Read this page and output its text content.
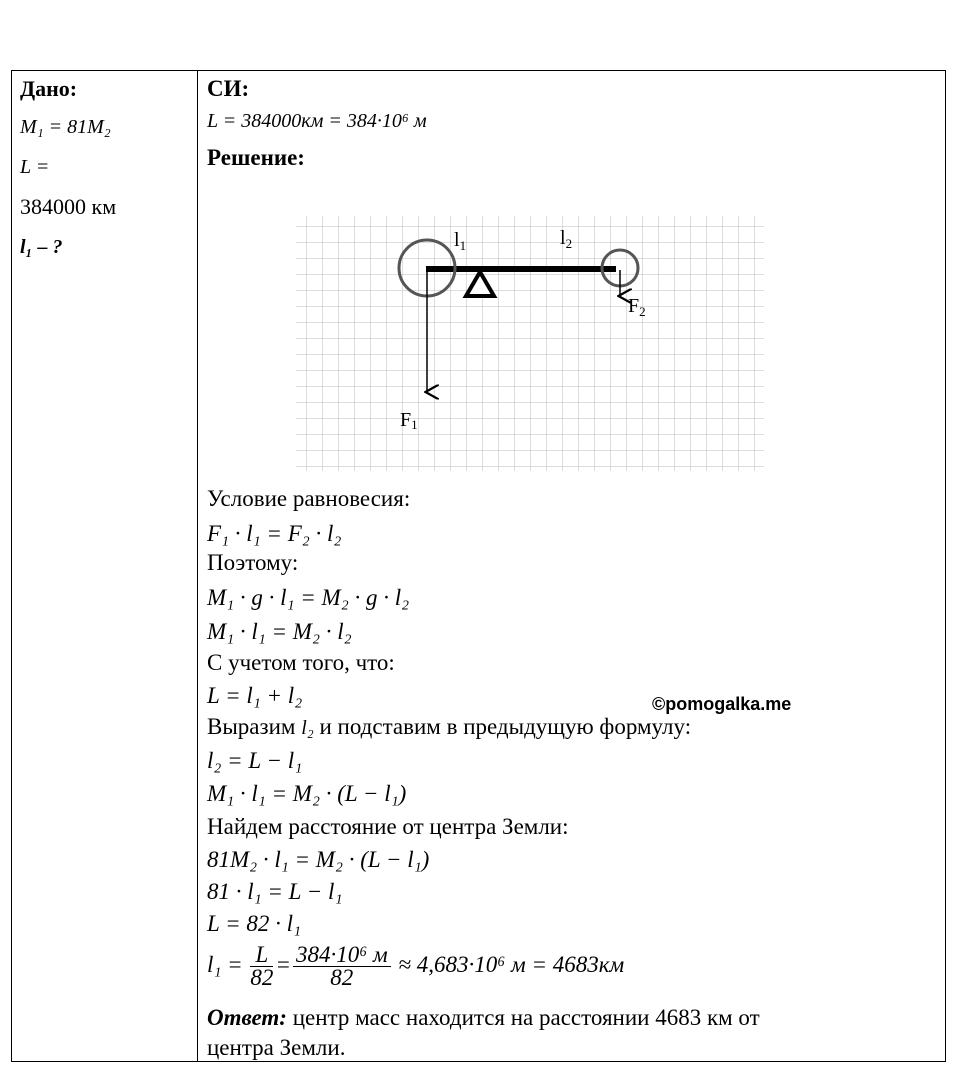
Дано:
M₁ = 81M₂
L =
384000 км
l₁ – ?
СИ:
L = 384000км = 384·10⁶ м
Решение:
$l_1$	$l_2$
F1
$F_2$
Условие равновесия:
F₁ · l₁ = F₂ · l₂
Поэтому:
M₁ · g · l₁ = M₂ · g · l₂
M₁ · l₁ = M₂ · l₂
С учетом того, что:
L = l₁ + l₂	©pomogalka.me
Выразим l₂ и подставим в предыдущую формулу:
l₂ = L − l₁
M₁ · l₁ = M₂ · (L − l₁)
Найдем расстояние от центра Земли:
81M₂ · l₁ = M₂ · (L − l₁)
81 · l₁ = L − l₁
L = 82 · l₁
$l_1 = \frac{L}{82} = \frac{\text{384·10⁶ м}}{82} \approx 4,683\cdot 10^6$ м = 4683км
Ответ: центр масс находится на расстоянии 4683 км от
центра Земли.
